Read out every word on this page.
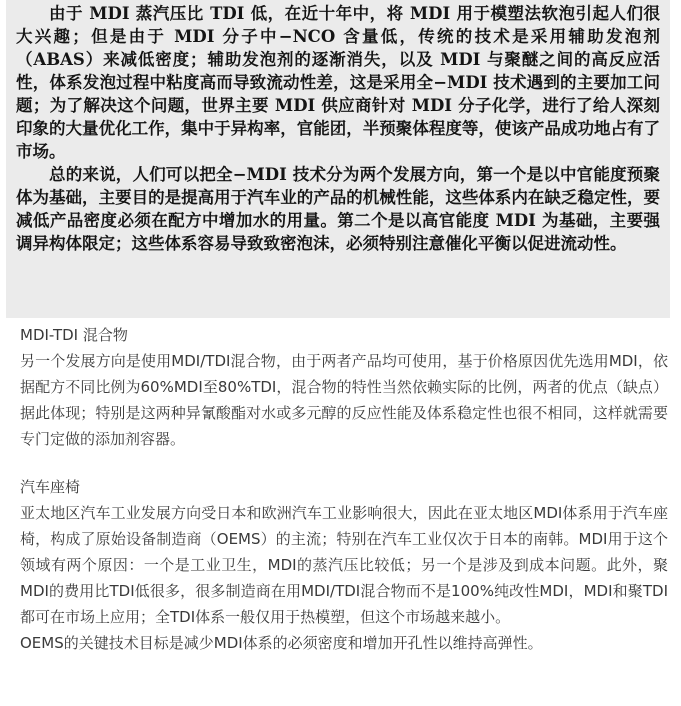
由于 MDI 蒸汽压比 TDI 低，在近十年中，将 MDI 用于模塑法软泡引起人们很大兴趣；但是由于 MDI 分子中−NCO 含量低，传统的技术是采用辅助发泡剂（ABAS）来减低密度；辅助发泡剂的逐渐消失，以及 MDI 与聚醚之间的高反应活性，体系发泡过程中粘度高而导致流动性差，这是采用全−MDI 技术遇到的主要加工问题；为了解决这个问题，世界主要 MDI 供应商针对 MDI 分子化学，进行了给人深刻印象的大量优化工作，集中于异构率，官能团，半预聚体程度等，使该产品成功地占有了市场。

总的来说，人们可以把全−MDI 技术分为两个发展方向，第一个是以中官能度预聚体为基础，主要目的是提高用于汽车业的产品的机械性能，这些体系内在缺乏稳定性，要减低产品密度必须在配方中增加水的用量。第二个是以高官能度 MDI 为基础，主要强调异构体限定；这些体系容易导致致密泡沫，必须特别注意催化平衡以促进流动性。

MDI-TDI 混合物

另一个发展方向是使用MDI/TDI混合物，由于两者产品均可使用，基于价格原因优先选用MDI，依据配方不同比例为60%MDI至80%TDI，混合物的特性当然依赖实际的比例，两者的优点（缺点）据此体现；特别是这两种异氰酸酯对水或多元醇的反应性能及体系稳定性也很不相同，这样就需要专门定做的添加剂容器。

汽车座椅

亚太地区汽车工业发展方向受日本和欧洲汽车工业影响很大，因此在亚太地区MDI体系用于汽车座椅，构成了原始设备制造商（OEMS）的主流；特别在汽车工业仅次于日本的南韩。MDI用于这个领域有两个原因：一个是工业卫生，MDI的蒸汽压比较低；另一个是涉及到成本问题。此外，聚MDI的费用比TDI低很多，很多制造商在用MDI/TDI混合物而不是100%纯改性MDI，MDI和聚TDI都可在市场上应用；全TDI体系一般仅用于热模塑，但这个市场越来越小。

OEMS的关键技术目标是减少MDI体系的必须密度和增加开孔性以维持高弹性。
